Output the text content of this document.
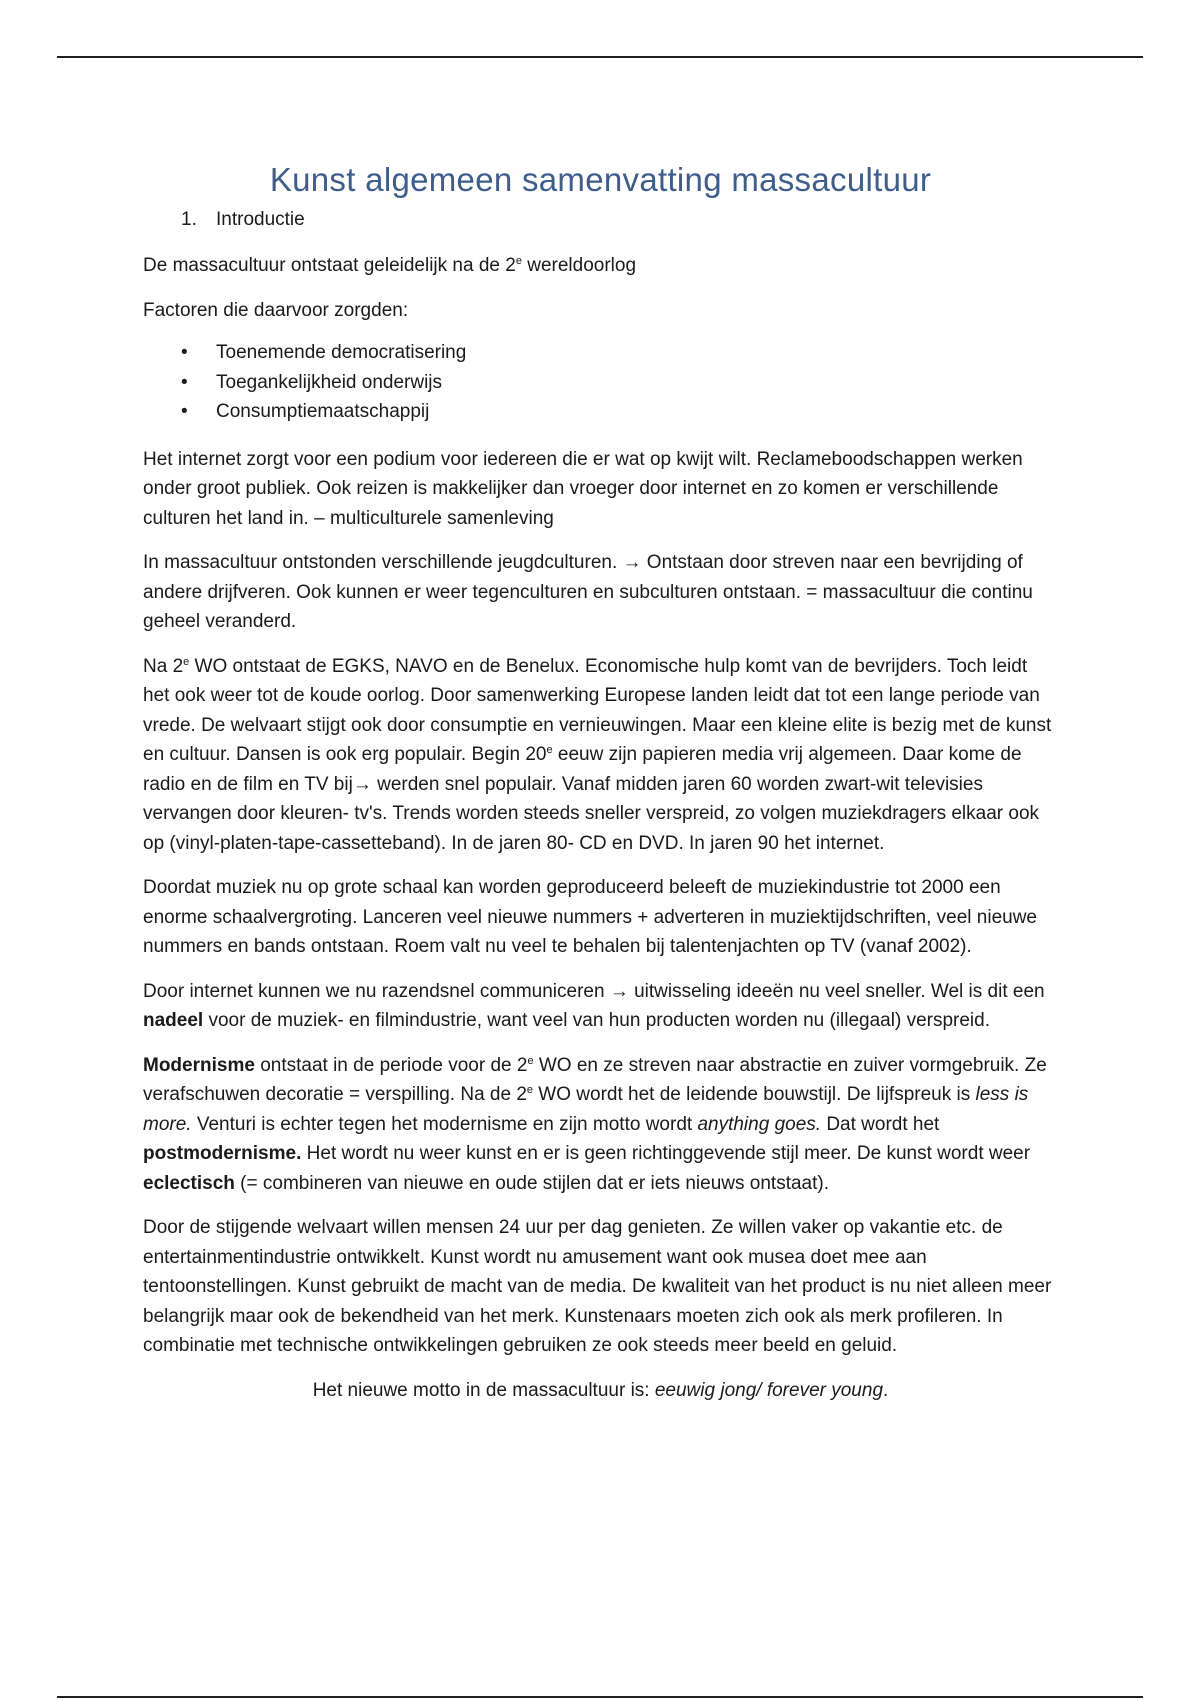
Kunst algemeen samenvatting massacultuur
1. Introductie

De massacultuur ontstaat geleidelijk na de 2e wereldoorlog

Factoren die daarvoor zorgden:

• Toenemende democratisering
• Toegankelijkheid onderwijs
• Consumptiemaatschappij

Het internet zorgt voor een podium voor iedereen die er wat op kwijt wilt. Reclameboodschappen werken onder groot publiek. Ook reizen is makkelijker dan vroeger door internet en zo komen er verschillende culturen het land in. – multiculturele samenleving

In massacultuur ontstonden verschillende jeugdculturen. → Ontstaan door streven naar een bevrijding of andere drijfveren. Ook kunnen er weer tegenculturen en subculturen ontstaan. = massacultuur die continu geheel veranderd.

Na 2e WO ontstaat de EGKS, NAVO en de Benelux. Economische hulp komt van de bevrijders. Toch leidt het ook weer tot de koude oorlog. Door samenwerking Europese landen leidt dat tot een lange periode van vrede. De welvaart stijgt ook door consumptie en vernieuwingen. Maar een kleine elite is bezig met de kunst en cultuur. Dansen is ook erg populair. Begin 20e eeuw zijn papieren media vrij algemeen. Daar kome de radio en de film en TV bij→ werden snel populair. Vanaf midden jaren 60 worden zwart-wit televisies vervangen door kleuren- tv's. Trends worden steeds sneller verspreid, zo volgen muziekdragers elkaar ook op (vinyl-platen-tape-cassetteband). In de jaren 80- CD en DVD. In jaren 90 het internet.

Doordat muziek nu op grote schaal kan worden geproduceerd beleeft de muziekindustrie tot 2000 een enorme schaalvergroting. Lanceren veel nieuwe nummers + adverteren in muziektijdschriften, veel nieuwe nummers en bands ontstaan. Roem valt nu veel te behalen bij talentenjachten op TV (vanaf 2002).

Door internet kunnen we nu razendsnel communiceren → uitwisseling ideeën nu veel sneller. Wel is dit een nadeel voor de muziek- en filmindustrie, want veel van hun producten worden nu (illegaal) verspreid.

Modernisme ontstaat in de periode voor de 2e WO en ze streven naar abstractie en zuiver vormgebruik. Ze verafschuwen decoratie = verspilling. Na de 2e WO wordt het de leidende bouwstijl. De lijfspreuk is less is more. Venturi is echter tegen het modernisme en zijn motto wordt anything goes. Dat wordt het postmodernisme. Het wordt nu weer kunst en er is geen richtinggevende stijl meer. De kunst wordt weer eclectisch (= combineren van nieuwe en oude stijlen dat er iets nieuws ontstaat).

Door de stijgende welvaart willen mensen 24 uur per dag genieten. Ze willen vaker op vakantie etc. de entertainmentindustrie ontwikkelt. Kunst wordt nu amusement want ook musea doet mee aan tentoonstellingen. Kunst gebruikt de macht van de media. De kwaliteit van het product is nu niet alleen meer belangrijk maar ook de bekendheid van het merk. Kunstenaars moeten zich ook als merk profileren. In combinatie met technische ontwikkelingen gebruiken ze ook steeds meer beeld en geluid.

Het nieuwe motto in de massacultuur is: eeuwig jong/ forever young.
